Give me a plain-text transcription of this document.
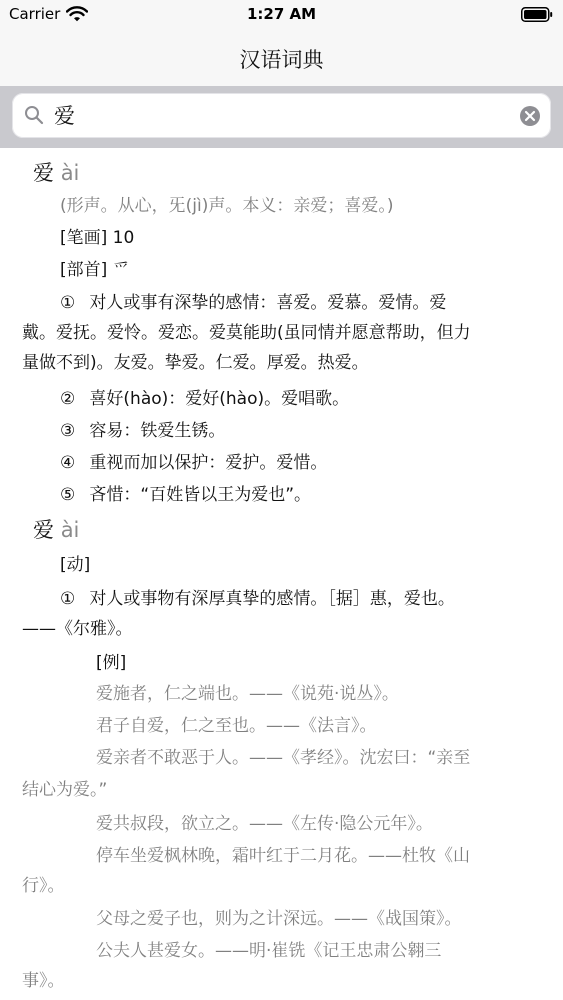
Carrier	1:27 AM
汉语词典
爱
爱 ài
(形声。从心，旡(jì)声。本义：亲爱；喜爱。)
[笔画] 10
[部首] 爫
① 对人或事有深挚的感情：喜爱。爱慕。爱情。爱
戴。爱抚。爱怜。爱恋。爱莫能助(虽同情并愿意帮助，但力
量做不到)。友爱。挚爱。仁爱。厚爱。热爱。
② 喜好(hào)：爱好(hào)。爱唱歌。
③ 容易：铁爱生锈。
④ 重视而加以保护：爱护。爱惜。
⑤ 吝惜：“百姓皆以王为爱也”。
爱 ài
[动]
① 对人或事物有深厚真挚的感情。［据］惠，爱也。
——《尔雅》。
[例]
爱施者，仁之端也。——《说苑·说丛》。
君子自爱，仁之至也。——《法言》。
爱亲者不敢恶于人。——《孝经》。沈宏曰：“亲至
结心为爱。”
爱共叔段，欲立之。——《左传·隐公元年》。
停车坐爱枫林晚，霜叶红于二月花。——杜牧《山
行》。
父母之爱子也，则为之计深远。——《战国策》。
公夫人甚爱女。——明·崔铣《记王忠肃公翱三
事》。
